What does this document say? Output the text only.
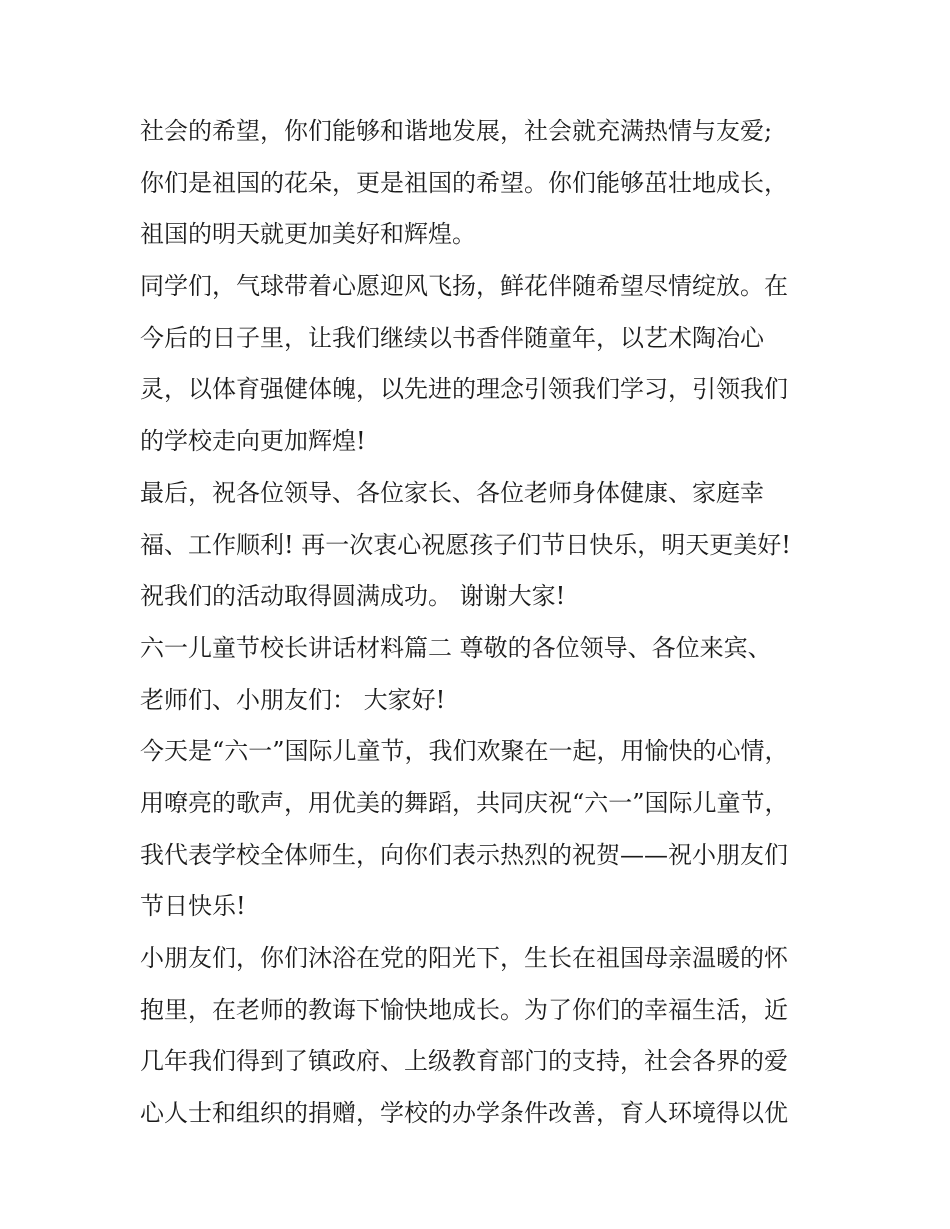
社会的希望，你们能够和谐地发展，社会就充满热情与友爱;
你们是祖国的花朵，更是祖国的希望。你们能够茁壮地成长，
祖国的明天就更加美好和辉煌。
同学们，气球带着心愿迎风飞扬，鲜花伴随希望尽情绽放。在
今后的日子里，让我们继续以书香伴随童年，以艺术陶冶心
灵，以体育强健体魄，以先进的理念引领我们学习，引领我们
的学校走向更加辉煌!
最后，祝各位领导、各位家长、各位老师身体健康、家庭幸
福、工作顺利! 再一次衷心祝愿孩子们节日快乐，明天更美好!
祝我们的活动取得圆满成功。 谢谢大家!
六一儿童节校长讲话材料篇二 尊敬的各位领导、各位来宾、
老师们、小朋友们： 大家好!
今天是“六一”国际儿童节，我们欢聚在一起，用愉快的心情，
用嘹亮的歌声，用优美的舞蹈，共同庆祝“六一”国际儿童节，
我代表学校全体师生，向你们表示热烈的祝贺——祝小朋友们
节日快乐!
小朋友们，你们沐浴在党的阳光下，生长在祖国母亲温暖的怀
抱里，在老师的教诲下愉快地成长。为了你们的幸福生活，近
几年我们得到了镇政府、上级教育部门的支持，社会各界的爱
心人士和组织的捐赠，学校的办学条件改善，育人环境得以优
